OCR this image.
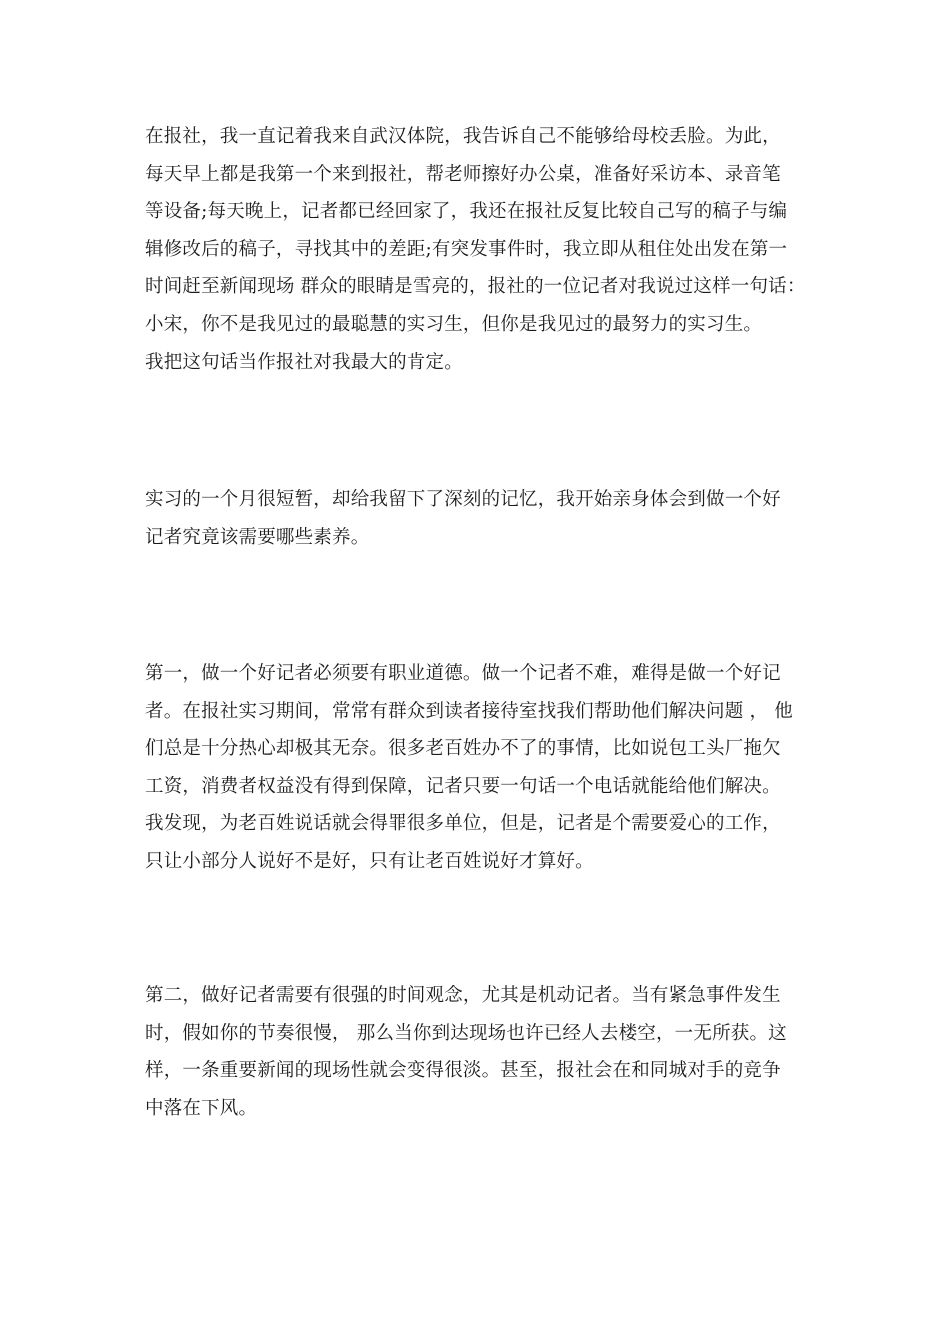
在报社，我一直记着我来自武汉体院，我告诉自己不能够给母校丢脸。为此，
每天早上都是我第一个来到报社，帮老师擦好办公桌，准备好采访本、录音笔
等设备;每天晚上，记者都已经回家了，我还在报社反复比较自己写的稿子与编
辑修改后的稿子，寻找其中的差距;有突发事件时，我立即从租住处出发在第一
时间赶至新闻现场 群众的眼睛是雪亮的，报社的一位记者对我说过这样一句话：
小宋，你不是我见过的最聪慧的实习生，但你是我见过的最努力的实习生。
我把这句话当作报社对我最大的肯定。
实习的一个月很短暂，却给我留下了深刻的记忆，我开始亲身体会到做一个好
记者究竟该需要哪些素养。
第一，做一个好记者必须要有职业道德。做一个记者不难，难得是做一个好记
者。在报社实习期间，常常有群众到读者接待室找我们帮助他们解决问题 ， 他
们总是十分热心却极其无奈。很多老百姓办不了的事情，比如说包工头厂拖欠
工资，消费者权益没有得到保障，记者只要一句话一个电话就能给他们解决。
我发现，为老百姓说话就会得罪很多单位，但是，记者是个需要爱心的工作，
只让小部分人说好不是好，只有让老百姓说好才算好。
第二，做好记者需要有很强的时间观念，尤其是机动记者。当有紧急事件发生
时，假如你的节奏很慢， 那么当你到达现场也许已经人去楼空，一无所获。这
样，一条重要新闻的现场性就会变得很淡。甚至，报社会在和同城对手的竞争
中落在下风。
